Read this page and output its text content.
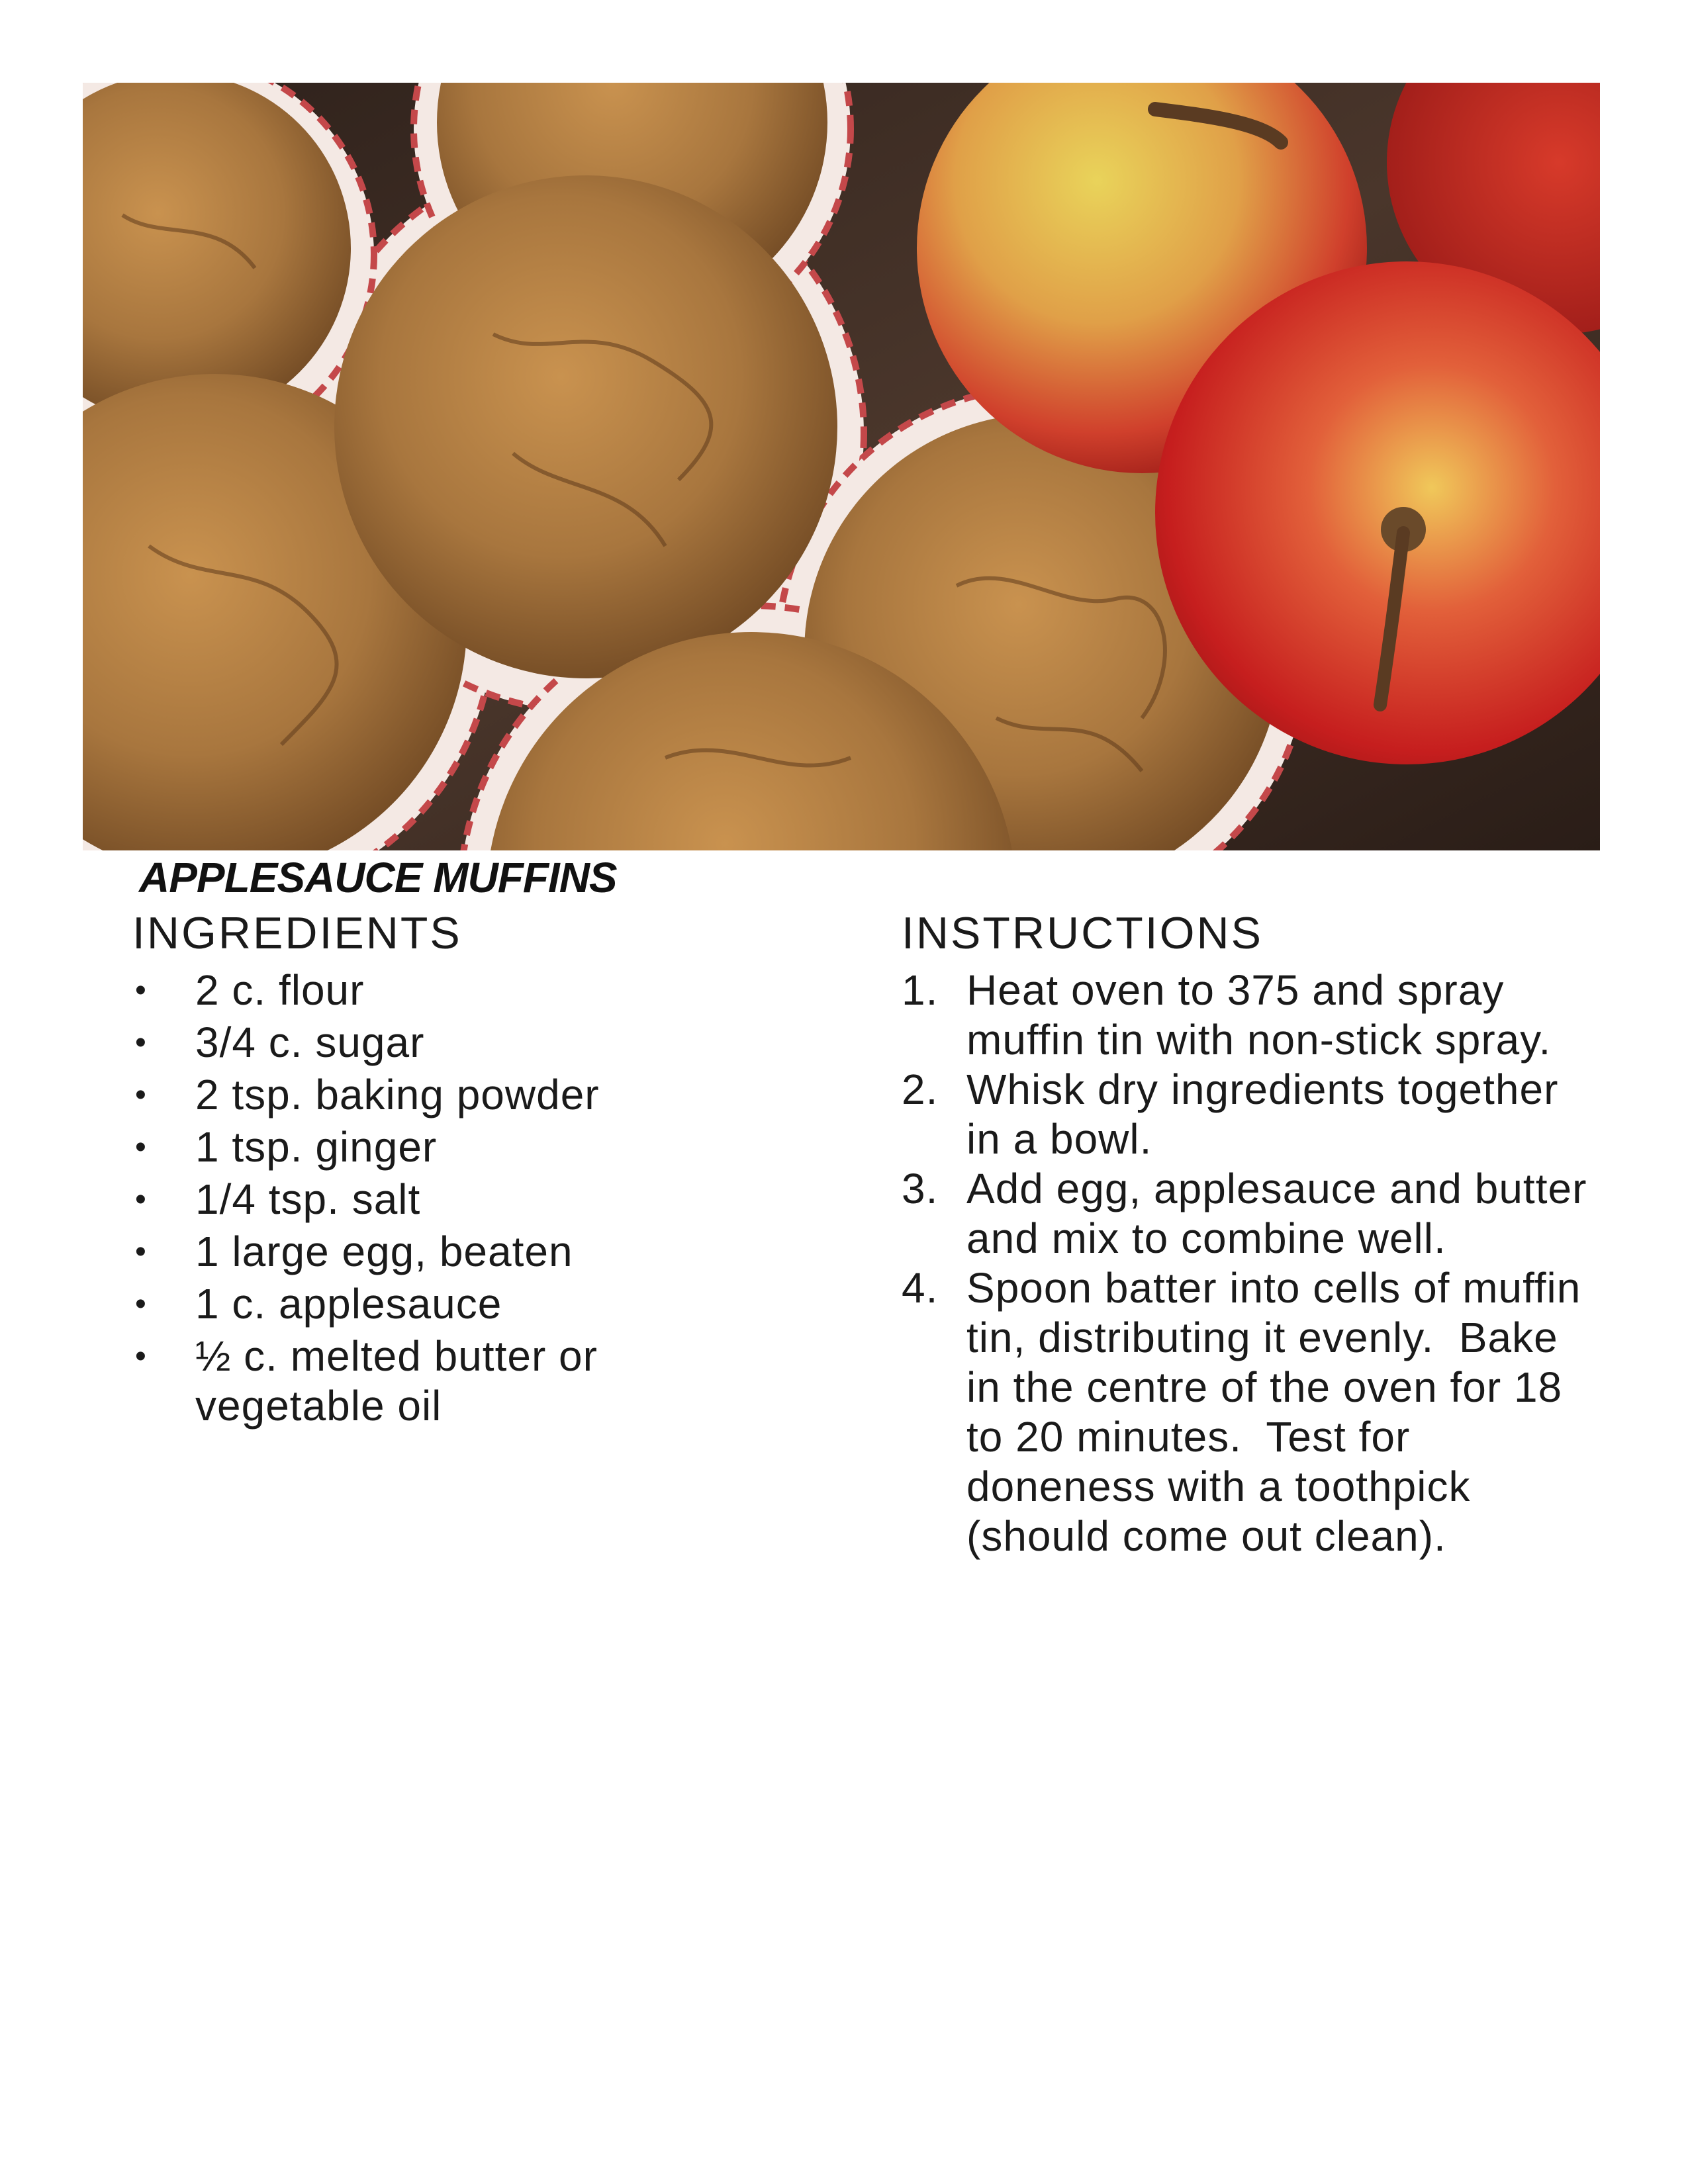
APPLESAUCE MUFFINS
INGREDIENTS
• 2 c. flour
• 3/4 c. sugar
• 2 tsp. baking powder
• 1 tsp. ginger
• 1/4 tsp. salt
• 1 large egg, beaten
• 1 c. applesauce
• ½ c. melted butter or vegetable oil
INSTRUCTIONS
1. Heat oven to 375 and spray muffin tin with non-stick spray.
2. Whisk dry ingredients together in a bowl.
3. Add egg, applesauce and butter and mix to combine well.
4. Spoon batter into cells of muffin tin, distributing it evenly.  Bake in the centre of the oven for 18 to 20 minutes.  Test for doneness with a toothpick (should come out clean).
